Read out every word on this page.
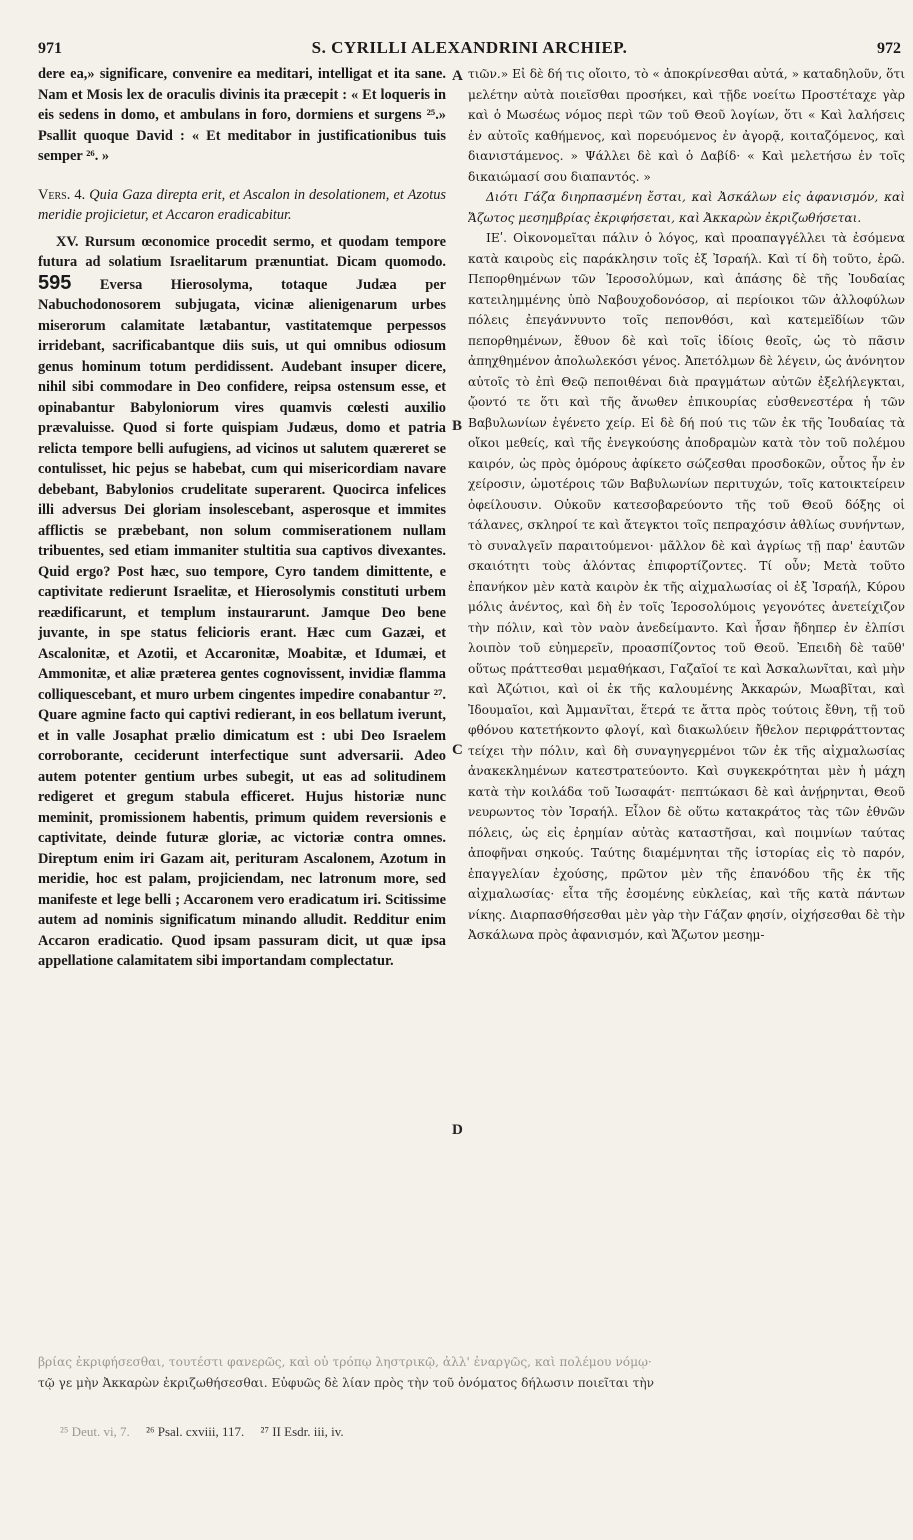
971	S. CYRILLI ALEXANDRINI ARCHIEP.	972

dere ea,» significare, convenire ea meditari, intelligat et ita sane. Nam et Mosis lex de oraculis divinis ita præcepit : « Et loqueris in eis sedens in domo, et ambulans in foro, dormiens et surgens ²⁵.» Psallit quoque David : « Et meditabor in justificationibus tuis semper ²⁶. »

Vers. 4. Quia Gaza direpta erit, et Ascalon in desolationem, et Azotus meridie projicietur, et Accaron eradicabitur.

XV. Rursum œconomice procedit sermo, et quodam tempore futura ad solatium Israelitarum prænuntiat. Dicam quomodo. 595 Eversa Hierosolyma, totaque Judæa per Nabuchodonosorem subjugata, vicinæ alienigenarum urbes miserorum calamitate lætabantur, vastitatemque perpessos irridebant, sacrificabantque diis suis, ut qui omnibus odiosum genus hominum totum perdidissent. Audebant insuper dicere, nihil sibi commodare in Deo confidere, reipsa ostensum esse, et opinabantur Babyloniorum vires quamvis cœlesti auxilio prævaluisse. Quod si forte quispiam Judæus, domo et patria relicta tempore belli aufugiens, ad vicinos ut salutem quæreret se contulisset, hic pejus se habebat, cum qui misericordiam navare debebant, Babylonios crudelitate superarent. Quocirca infelices illi adversus Dei gloriam insolescebant, asperosque et immites afflictis se præbebant, non solum commiserationem nullam tribuentes, sed etiam immaniter stultitia sua captivos divexantes. Quid ergo? Post hæc, suo tempore, Cyro tandem dimittente, e captivitate redierunt Israelitæ, et Hierosolymis constituti urbem reædificarunt, et templum instaurarunt. Jamque Deo bene juvante, in spe status felicioris erant. Hæc cum Gazæi, et Ascalonitæ, et Azotii, et Accaronitæ, Moabitæ, et Idumæi, et Ammonitæ, et aliæ præterea gentes cognovissent, invidiæ flamma colliquescebant, et muro urbem cingentes impedire conabantur ²⁷. Quare agmine facto qui captivi redierant, in eos bellatum iverunt, et in valle Josaphat prælio dimicatum est : ubi Deo Israelem corroborante, ceciderunt interfectique sunt adversarii. Adeo autem potenter gentium urbes subegit, ut eas ad solitudinem redigeret et gregum stabula efficeret. Hujus historiæ nunc meminit, promissionem habentis, primum quidem reversionis e captivitate, deinde futuræ gloriæ, ac victoriæ contra omnes. Direptum enim iri Gazam ait, perituram Ascalonem, Azotum in meridie, hoc est palam, projiciendam, nec latronum more, sed manifeste et lege belli ; Accaronem vero eradicatum iri. Scitissime autem ad nominis significatum minando alludit. Redditur enim Accaron eradicatio. Quod ipsam passuram dicit, ut quæ ipsa appellatione calamitatem sibi importandam complectatur.

A
B
C
D

τιῶν.» Εἰ δὲ δή τις οἴοιτο, τὸ « ἀποκρίνεσθαι αὐτά, » καταδηλοῦν, ὅτι μελέτην αὐτὰ ποιεῖσθαι προσήκει, καὶ τῇδε νοείτω Προστέταχε γὰρ καὶ ὁ Μωσέως νόμος περὶ τῶν τοῦ Θεοῦ λογίων, ὅτι « Καὶ λαλήσεις ἐν αὐτοῖς καθήμενος, καὶ πορευόμενος ἐν ἀγορᾷ, κοιταζόμενος, καὶ διανιστάμενος. » Ψάλλει δὲ καὶ ὁ Δαβίδ· « Καὶ μελετήσω ἐν τοῖς δικαιώμασί σου διαπαντός. »

Διότι Γάζα διηρπασμένη ἔσται, καὶ Ἀσκάλων εἰς ἀφανισμόν, καὶ Ἄζωτος μεσημβρίας ἐκριφήσεται, καὶ Ἀκκαρὼν ἐκριζωθήσεται.

ΙΕʹ. Οἰκονομεῖται πάλιν ὁ λόγος, καὶ προαπαγγέλλει τὰ ἐσόμενα κατὰ καιροὺς εἰς παράκλησιν τοῖς ἐξ Ἰσραήλ. Καὶ τί δὴ τοῦτο, ἐρῶ. Πεπορθημένων τῶν Ἱεροσολύμων, καὶ ἁπάσης δὲ τῆς Ἰουδαίας κατειλημμένης ὑπὸ Ναβουχοδονόσορ, αἱ περίοικοι τῶν ἀλλοφύλων πόλεις ἐπεγάννυντο τοῖς πεπονθόσι, καὶ κατεμεїδίων τῶν πεπορθημένων, ἔθυον δὲ καὶ τοῖς ἰδίοις θεοῖς, ὡς τὸ πᾶσιν ἀπηχθημένον ἀπολωλεκόσι γένος. Ἀπετόλμων δὲ λέγειν, ὡς ἀνόνητον αὐτοῖς τὸ ἐπὶ Θεῷ πεποιθέναι διὰ πραγμάτων αὐτῶν ἐξελήλεγκται, ᾤοντό τε ὅτι καὶ τῆς ἄνωθεν ἐπικουρίας εὐσθενεστέρα ἡ τῶν Βαβυλωνίων ἐγένετο χείρ. Εἰ δὲ δή πού τις τῶν ἐκ τῆς Ἰουδαίας τὰ οἴκοι μεθείς, καὶ τῆς ἐνεγκούσης ἀποδραμὼν κατὰ τὸν τοῦ πολέμου καιρόν, ὡς πρὸς ὁμόρους ἀφίκετο σώζεσθαι προσδοκῶν, οὗτος ἦν ἐν χείροσιν, ὠμοτέροις τῶν Βαβυλωνίων περιτυχών, τοῖς κατοικτείρειν ὀφείλουσιν. Οὐκοῦν κατεσοβαρεύοντο τῆς τοῦ Θεοῦ δόξης οἱ τάλανες, σκληροί τε καὶ ἄτεγκτοι τοῖς πεπραχόσιν ἀθλίως συνήντων, τὸ συναλγεῖν παραιτούμενοι· μᾶλλον δὲ καὶ ἀγρίως τῇ παρ' ἑαυτῶν σκαιότητι τοὺς ἁλόντας ἐπιφορτίζοντες. Τί οὖν; Μετὰ τοῦτο ἐπανήκον μὲν κατὰ καιρὸν ἐκ τῆς αἰχμαλωσίας οἱ ἐξ Ἰσραήλ, Κύρου μόλις ἀνέντος, καὶ δὴ ἐν τοῖς Ἱεροσολύμοις γεγονότες ἀνετείχιζον τὴν πόλιν, καὶ τὸν ναὸν ἀνεδείμαντο. Καὶ ἦσαν ἤδηπερ ἐν ἐλπίσι λοιπὸν τοῦ εὐημερεῖν, προασπίζοντος τοῦ Θεοῦ. Ἐπειδὴ δὲ ταῦθ' οὕτως πράττεσθαι μεμαθήκασι, Γαζαῖοί τε καὶ Ἀσκαλωνῖται, καὶ μὴν καὶ Ἀζώτιοι, καὶ οἱ ἐκ τῆς καλουμένης Ἀκκαρών, Μωαβῖται, καὶ Ἰδουμαῖοι, καὶ Ἀμμανῖται, ἕτερά τε ἄττα πρὸς τούτοις ἔθνη, τῇ τοῦ φθόνου κατετήκοντο φλογί, καὶ διακωλύειν ἤθελον περιφράττοντας τείχει τὴν πόλιν, καὶ δὴ συναγηγερμένοι τῶν ἐκ τῆς αἰχμαλωσίας ἀνακεκλημένων κατεστρατεύοντο. Καὶ συγκεκρότηται μὲν ἡ μάχη κατὰ τὴν κοιλάδα τοῦ Ἰωσαφάτ· πεπτώκασι δὲ καὶ ἀνῄρηνται, Θεοῦ νευρωντος τὸν Ἰσραήλ. Εἶλον δὲ οὕτω κατακράτος τὰς τῶν ἐθνῶν πόλεις, ὡς εἰς ἐρημίαν αὐτὰς καταστῆσαι, καὶ ποιμνίων ταύτας ἀποφῆναι σηκούς. Ταύτης διαμέμνηται τῆς ἱστορίας εἰς τὸ παρόν, ἐπαγγελίαν ἐχούσης, πρῶτον μὲν τῆς ἐπανόδου τῆς ἐκ τῆς αἰχμαλωσίας· εἶτα τῆς ἐσομένης εὐκλείας, καὶ τῆς κατὰ πάντων νίκης. Διαρπασθήσεσθαι μὲν γὰρ τὴν Γάζαν φησίν, οἰχήσεσθαι δὲ τὴν Ἀσκάλωνα πρὸς ἀφανισμόν, καὶ Ἄζωτον μεσημ-

βρίας ἐκριφήσεσθαι, τουτέστι φανερῶς, καὶ οὐ τρόπῳ ληστρικῷ, ἀλλ' ἐναργῶς, καὶ πολέμου νόμῳ·
τῷ γε μὴν Ἀκκαρὼν ἐκριζωθήσεσθαι. Εὐφυῶς δὲ λίαν πρὸς τὴν τοῦ ὀνόματος δήλωσιν ποιεῖται τὴν
²⁵ Deut. vi, 7. ²⁶ Psal. cxviii, 117. ²⁷ II Esdr. iii, iv.
